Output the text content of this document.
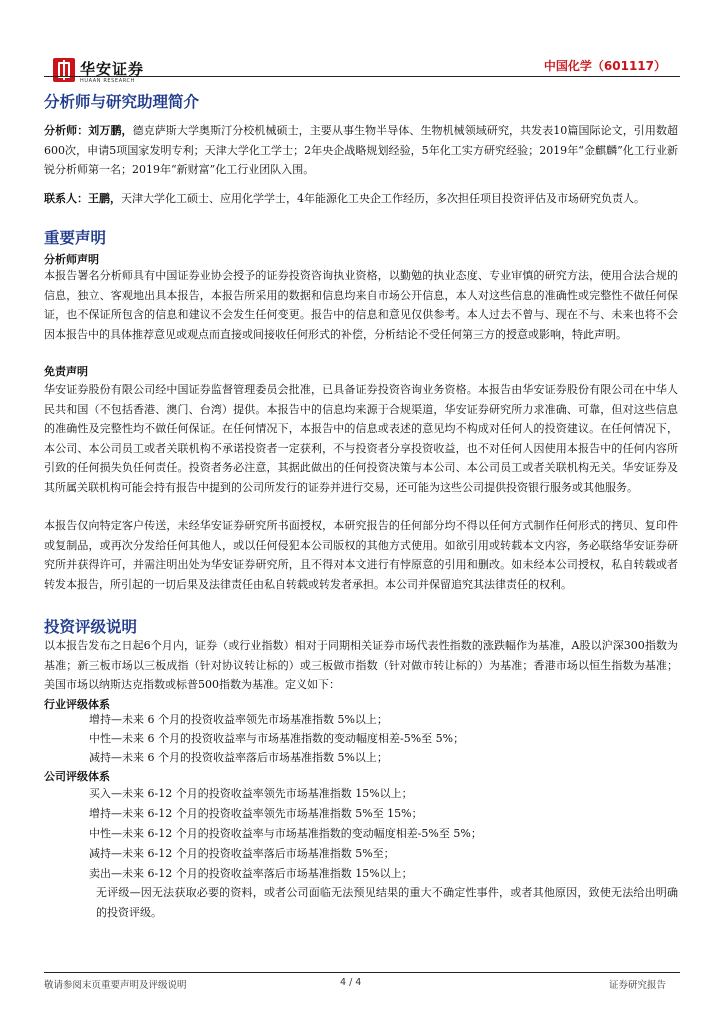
华安证券
HUAAN RESEARCH
中国化学（601117）
分析师与研究助理简介
分析师：刘万鹏，德克萨斯大学奥斯汀分校机械硕士，主要从事生物半导体、生物机械领域研究，共发表10篇国际论文，引用数超600次，申请5项国家发明专利；天津大学化工学士；2年央企战略规划经验，5年化工实方研究经验；2019年“金麒麟”化工行业新锐分析师第一名；2019年“新财富”化工行业团队入围。
联系人：王鹏，天津大学化工硕士、应用化学学士，4年能源化工央企工作经历，多次担任项目投资评估及市场研究负责人。
重要声明
分析师声明
本报告署名分析师具有中国证券业协会授予的证券投资咨询执业资格，以勤勉的执业态度、专业审慎的研究方法，使用合法合规的信息，独立、客观地出具本报告，本报告所采用的数据和信息均来自市场公开信息，本人对这些信息的准确性或完整性不做任何保证，也不保证所包含的信息和建议不会发生任何变更。报告中的信息和意见仅供参考。本人过去不曾与、现在不与、未来也将不会因本报告中的具体推荐意见或观点而直接或间接收任何形式的补偿，分析结论不受任何第三方的授意或影响，特此声明。
免责声明
华安证券股份有限公司经中国证券监督管理委员会批准，已具备证券投资咨询业务资格。本报告由华安证券股份有限公司在中华人民共和国（不包括香港、澳门、台湾）提供。本报告中的信息均来源于合规渠道，华安证券研究所力求准确、可靠，但对这些信息的准确性及完整性均不做任何保证。在任何情况下，本报告中的信息或表述的意见均不构成对任何人的投资建议。在任何情况下，本公司、本公司员工或者关联机构不承诺投资者一定获利，不与投资者分享投资收益，也不对任何人因使用本报告中的任何内容所引致的任何损失负任何责任。投资者务必注意，其据此做出的任何投资决策与本公司、本公司员工或者关联机构无关。华安证券及其所属关联机构可能会持有报告中提到的公司所发行的证券并进行交易，还可能为这些公司提供投资银行服务或其他服务。
本报告仅向特定客户传送，未经华安证券研究所书面授权，本研究报告的任何部分均不得以任何方式制作任何形式的拷贝、复印件或复制品，或再次分发给任何其他人，或以任何侵犯本公司版权的其他方式使用。如欲引用或转载本文内容，务必联络华安证券研究所并获得许可，并需注明出处为华安证券研究所，且不得对本文进行有悖原意的引用和删改。如未经本公司授权，私自转载或者转发本报告，所引起的一切后果及法律责任由私自转载或转发者承担。本公司并保留追究其法律责任的权利。
投资评级说明
以本报告发布之日起6个月内，证券（或行业指数）相对于同期相关证券市场代表性指数的涨跌幅作为基准，A股以沪深300指数为基准；新三板市场以三板成指（针对协议转让标的）或三板做市指数（针对做市转让标的）为基准；香港市场以恒生指数为基准；美国市场以纳斯达克指数或标普500指数为基准。定义如下：
行业评级体系
增持—未来 6 个月的投资收益率领先市场基准指数 5%以上；
中性—未来 6 个月的投资收益率与市场基准指数的变动幅度相差-5%至 5%；
减持—未来 6 个月的投资收益率落后市场基准指数 5%以上；
公司评级体系
买入—未来 6-12 个月的投资收益率领先市场基准指数 15%以上；
增持—未来 6-12 个月的投资收益率领先市场基准指数 5%至 15%；
中性—未来 6-12 个月的投资收益率与市场基准指数的变动幅度相差-5%至 5%；
减持—未来 6-12 个月的投资收益率落后市场基准指数 5%至；
卖出—未来 6-12 个月的投资收益率落后市场基准指数 15%以上；
无评级—因无法获取必要的资料，或者公司面临无法预见结果的重大不确定性事件，或者其他原因，致使无法给出明确的投资评级。
敬请参阅末页重要声明及评级说明	4 / 4	证券研究报告
